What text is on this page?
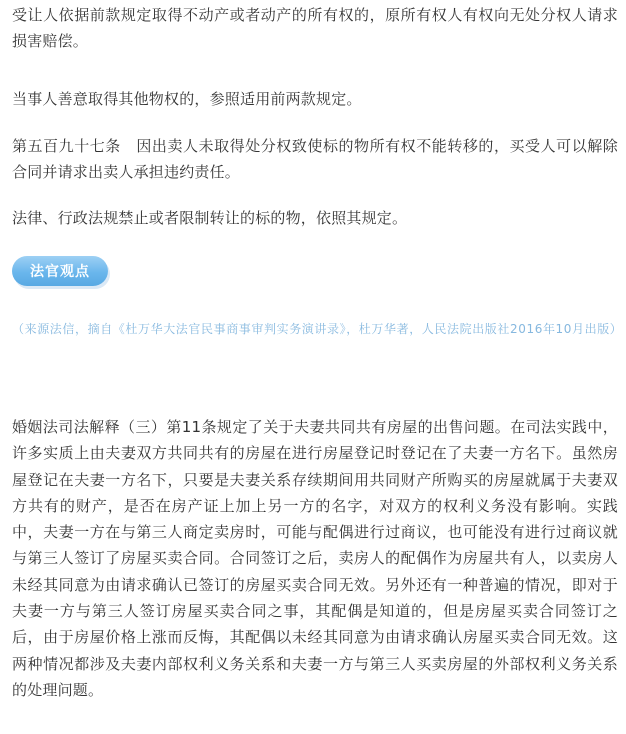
受让人依据前款规定取得不动产或者动产的所有权的，原所有权人有权向无处分权人请求损害赔偿。

当事人善意取得其他物权的，参照适用前两款规定。

第五百九十七条　因出卖人未取得处分权致使标的物所有权不能转移的，买受人可以解除合同并请求出卖人承担违约责任。

法律、行政法规禁止或者限制转让的标的物，依照其规定。

法官观点
（来源法信，摘自《杜万华大法官民事商事审判实务演讲录》，杜万华著，人民法院出版社2016年10月出版）

婚姻法司法解释（三）第11条规定了关于夫妻共同共有房屋的出售问题。在司法实践中，许多实质上由夫妻双方共同共有的房屋在进行房屋登记时登记在了夫妻一方名下。虽然房屋登记在夫妻一方名下，只要是夫妻关系存续期间用共同财产所购买的房屋就属于夫妻双方共有的财产，是否在房产证上加上另一方的名字，对双方的权利义务没有影响。实践中，夫妻一方在与第三人商定卖房时，可能与配偶进行过商议，也可能没有进行过商议就与第三人签订了房屋买卖合同。合同签订之后，卖房人的配偶作为房屋共有人，以卖房人未经其同意为由请求确认已签订的房屋买卖合同无效。另外还有一种普遍的情况，即对于夫妻一方与第三人签订房屋买卖合同之事，其配偶是知道的，但是房屋买卖合同签订之后，由于房屋价格上涨而反悔，其配偶以未经其同意为由请求确认房屋买卖合同无效。这两种情况都涉及夫妻内部权利义务关系和夫妻一方与第三人买卖房屋的外部权利义务关系的处理问题。
